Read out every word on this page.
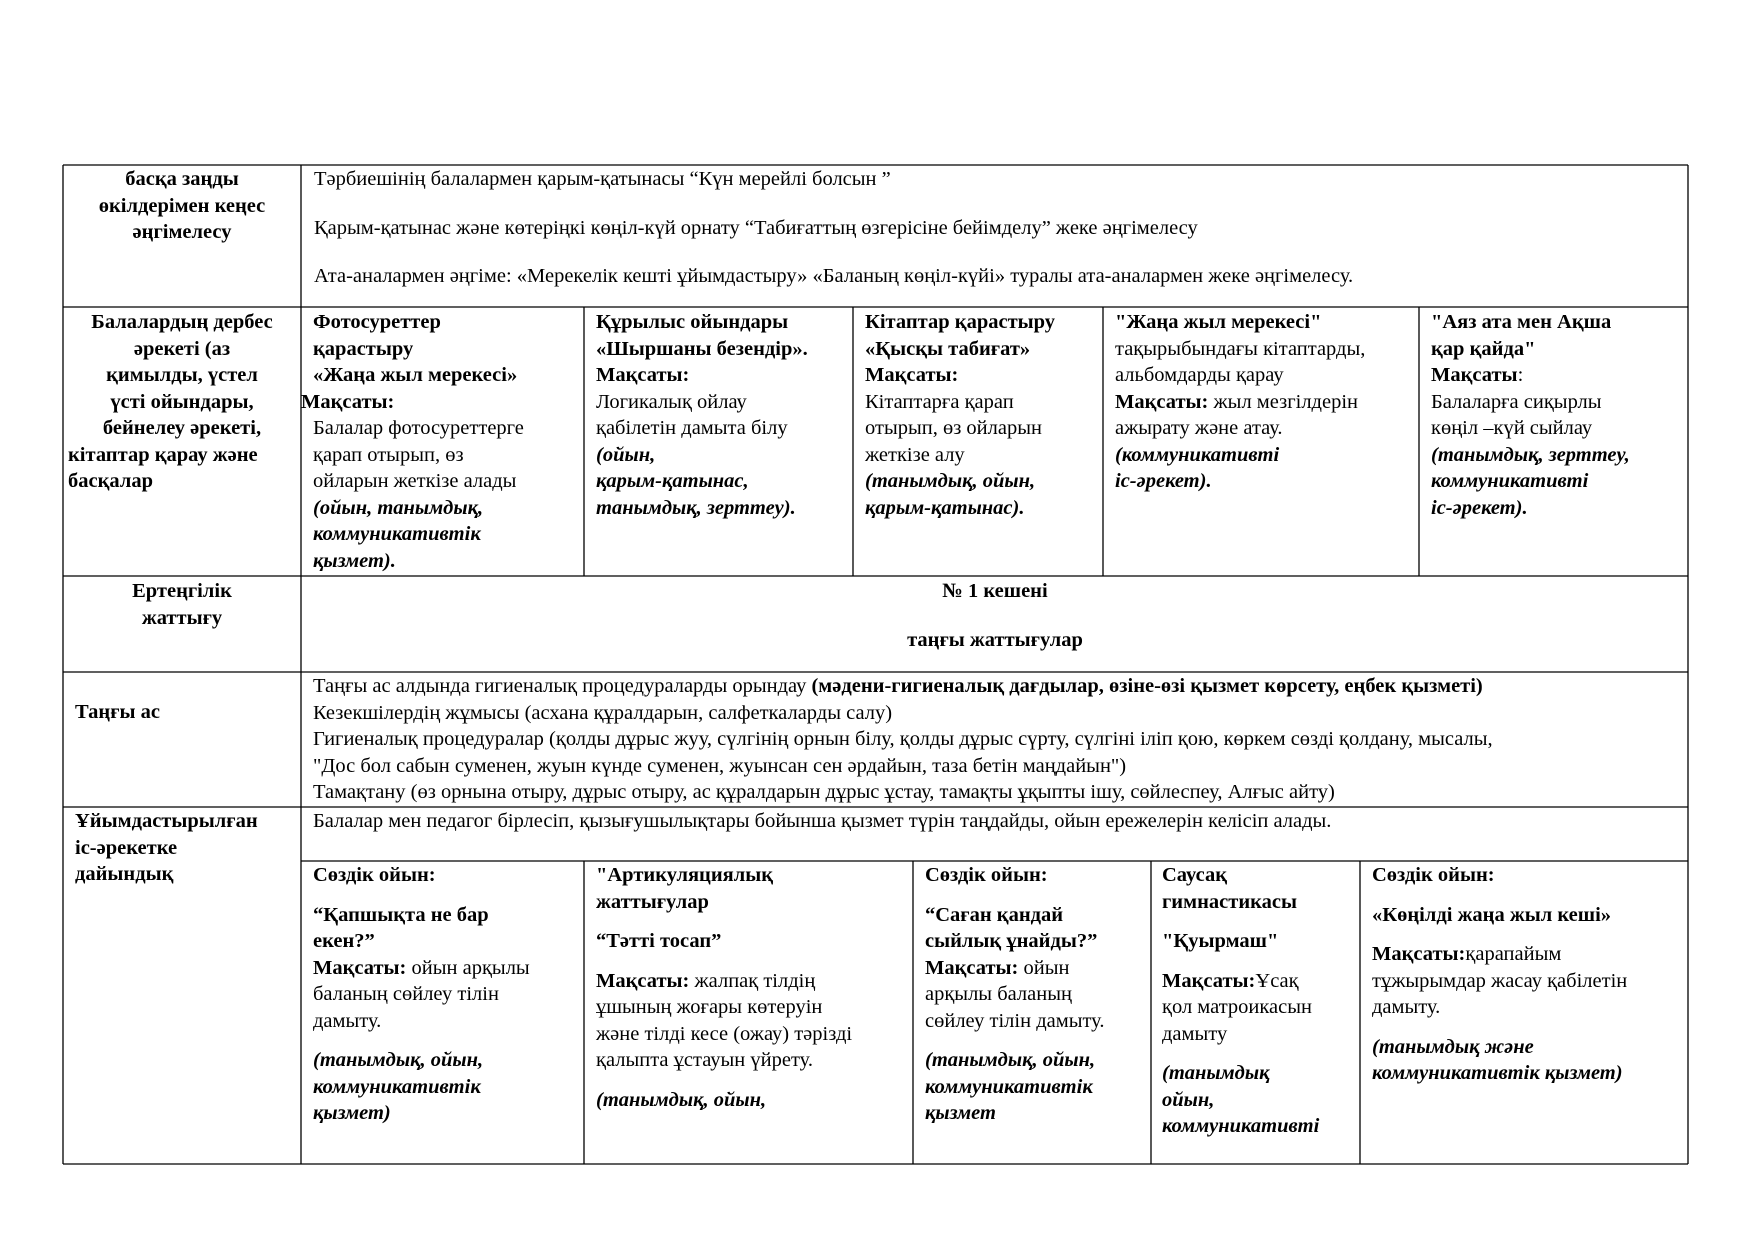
басқа заңды

өкілдерімен кеңес

әңгімелесу

Тәрбиешінің балалармен қарым-қатынасы “Күн мерейлі болсын ”

Қарым-қатынас және көтеріңкі көңіл-күй орнату “Табиғаттың өзгерісіне бейімделу” жеке әңгімелесу

Ата-аналармен әңгіме: «Мерекелік кешті ұйымдастыру» «Баланың көңіл-күйі» туралы ата-аналармен жеке әңгімелесу.

Балалардың дербес

әрекеті (аз

қимылды, үстел

үсті ойындары,

бейнелеу әрекеті,

кітаптар қарау және

басқалар

Фотосуреттер

қарастыру

«Жаңа жыл мерекесі»

Мақсаты:

Балалар фотосуреттерге

қарап отырып, өз

ойларын жеткізе алады

(ойын, танымдық,

коммуникативтік

қызмет).

Құрылыс ойындары

«Шыршаны безендір».

Мақсаты:

Логикалық ойлау

қабілетін дамыта білу

(ойын,

қарым-қатынас,

танымдық, зерттеу).

Кітаптар қарастыру

«Қысқы табиғат»

Мақсаты:

Кітаптарға қарап

отырып, өз ойларын

жеткізе алу

(танымдық, ойын,

қарым-қатынас).

"Жаңа жыл мерекесі"

тақырыбындағы кітаптарды,

альбомдарды қарау

Мақсаты: жыл мезгілдерін

ажырату және атау.

(коммуникативті

іс-әрекет).

"Аяз ата мен Ақша

қар қайда"

Мақсаты:

Балаларға сиқырлы

көңіл –күй сыйлау

(танымдық, зерттеу,

коммуникативті

іс-әрекет).

Ертеңгілік

жаттығу

№ 1 кешені

таңғы жаттығулар

Таңғы ас

Таңғы ас алдында гигиеналық процедураларды орындау (мәдени-гигиеналық дағдылар, өзіне-өзі қызмет көрсету, еңбек қызметі)

Кезекшілердің жұмысы (асхана құралдарын, салфеткаларды салу)

Гигиеналық процедуралар (қолды дұрыс жуу, сүлгінің орнын білу, қолды дұрыс сүрту, сүлгіні іліп қою, көркем сөзді қолдану, мысалы,

"Дос бол сабын суменен, жуын күнде суменен, жуынсан сен әрдайын, таза бетін маңдайын")

Тамақтану (өз орнына отыру, дұрыс отыру, ас құралдарын дұрыс ұстау, тамақты ұқыпты ішу, сөйлеспеу, Алғыс айту)

Ұйымдастырылған

іс-әрекетке

дайындық

Балалар мен педагог бірлесіп, қызығушылықтары бойынша қызмет түрін таңдайды, ойын ережелерін келісіп алады.

Сөздік ойын:

“Қапшықта не бар

екен?”

Мақсаты: ойын арқылы

баланың сөйлеу тілін

дамыту.

(танымдық, ойын,

коммуникативтік

қызмет)

"Артикуляциялық

жаттығулар

“Тәтті тосап”

Мақсаты: жалпақ тілдің

ұшының жоғары көтеруін

және тілді кесе (ожау) тәрізді

қалыпта ұстауын үйрету.

(танымдық, ойын,

Сөздік ойын:

“Саған қандай

сыйлық ұнайды?”

Мақсаты: ойын

арқылы баланың

сөйлеу тілін дамыту.

(танымдық, ойын,

коммуникативтік

қызмет

Саусақ

гимнастикасы

"Қуырмаш"

Мақсаты:Ұсақ

қол матроикасын

дамыту

(танымдық

ойын,

коммуникативті

Сөздік ойын:

«Көңілді жаңа жыл кеші»

Мақсаты:қарапайым

тұжырымдар жасау қабілетін

дамыту.

(танымдық және

коммуникативтік қызмет)
